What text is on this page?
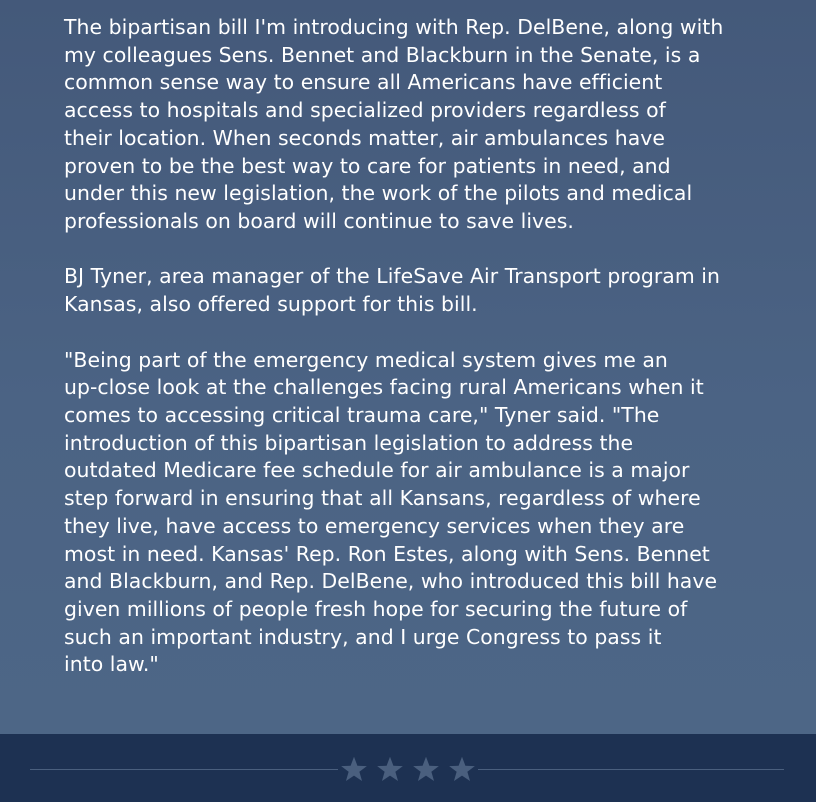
The bipartisan bill I'm introducing with Rep. DelBene, along with
my colleagues Sens. Bennet and Blackburn in the Senate, is a
common sense way to ensure all Americans have efficient
access to hospitals and specialized providers regardless of
their location. When seconds matter, air ambulances have
proven to be the best way to care for patients in need, and
under this new legislation, the work of the pilots and medical
professionals on board will continue to save lives.

BJ Tyner, area manager of the LifeSave Air Transport program in
Kansas, also offered support for this bill.

"Being part of the emergency medical system gives me an
up-close look at the challenges facing rural Americans when it
comes to accessing critical trauma care," Tyner said. "The
introduction of this bipartisan legislation to address the
outdated Medicare fee schedule for air ambulance is a major
step forward in ensuring that all Kansans, regardless of where
they live, have access to emergency services when they are
most in need. Kansas' Rep. Ron Estes, along with Sens. Bennet
and Blackburn, and Rep. DelBene, who introduced this bill have
given millions of people fresh hope for securing the future of
such an important industry, and I urge Congress to pass it
into law."
